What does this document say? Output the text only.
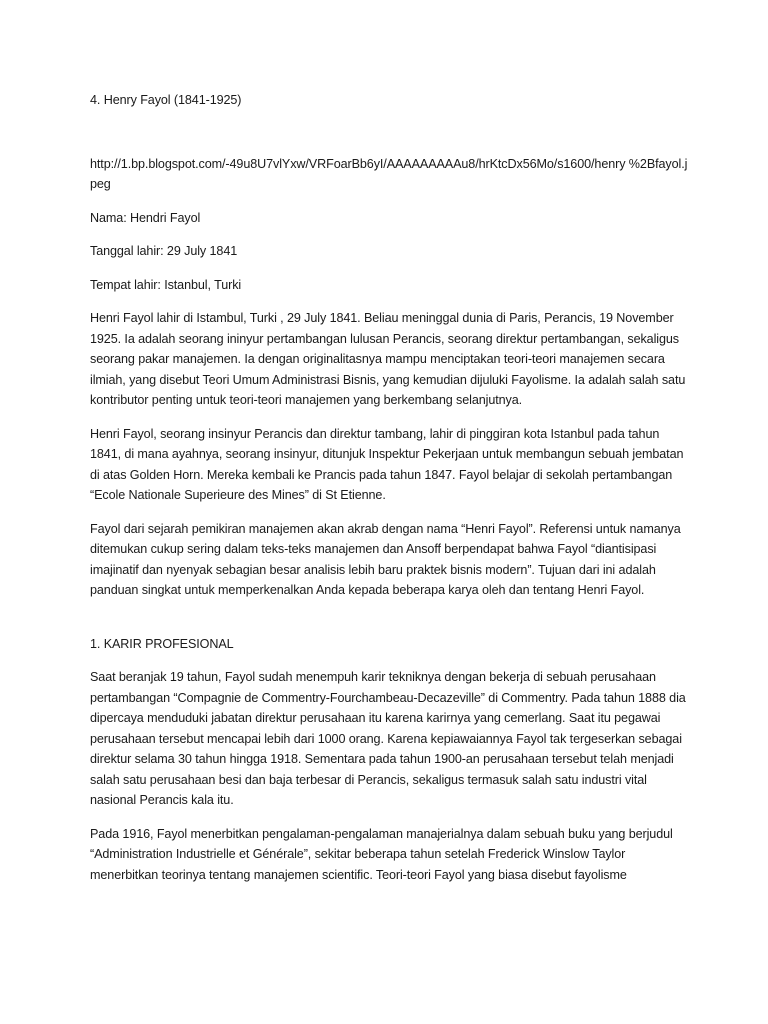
4. Henry Fayol (1841-1925)

http://1.bp.blogspot.com/-49u8U7vlYxw/VRFoarBb6yI/AAAAAAAAAu8/hrKtcDx56Mo/s1600/henry %2Bfayol.jpeg

Nama: Hendri Fayol

Tanggal lahir: 29 July 1841

Tempat lahir: Istanbul, Turki

Henri Fayol lahir di Istambul, Turki , 29 July 1841. Beliau meninggal dunia di Paris, Perancis, 19 November 1925. Ia adalah seorang ininyur pertambangan lulusan Perancis, seorang direktur pertambangan, sekaligus seorang pakar manajemen. Ia dengan originalitasnya mampu menciptakan teori-teori manajemen secara ilmiah, yang disebut Teori Umum Administrasi Bisnis, yang kemudian dijuluki Fayolisme. Ia adalah salah satu kontributor penting untuk teori-teori manajemen yang berkembang selanjutnya.

Henri Fayol, seorang insinyur Perancis dan direktur tambang, lahir di pinggiran kota Istanbul pada tahun 1841, di mana ayahnya, seorang insinyur, ditunjuk Inspektur Pekerjaan untuk membangun sebuah jembatan di atas Golden Horn. Mereka kembali ke Prancis pada tahun 1847. Fayol belajar di sekolah pertambangan “Ecole Nationale Superieure des Mines” di St Etienne.

Fayol dari sejarah pemikiran manajemen akan akrab dengan nama “Henri Fayol”. Referensi untuk namanya ditemukan cukup sering dalam teks-teks manajemen dan Ansoff berpendapat bahwa Fayol “diantisipasi imajinatif dan nyenyak sebagian besar analisis lebih baru praktek bisnis modern”. Tujuan dari ini adalah panduan singkat untuk memperkenalkan Anda kepada beberapa karya oleh dan tentang Henri Fayol.

1. KARIR PROFESIONAL

Saat beranjak 19 tahun, Fayol sudah menempuh karir tekniknya dengan bekerja di sebuah perusahaan pertambangan “Compagnie de Commentry-Fourchambeau-Decazeville” di Commentry. Pada tahun 1888 dia dipercaya menduduki jabatan direktur perusahaan itu karena karirnya yang cemerlang. Saat itu pegawai perusahaan tersebut mencapai lebih dari 1000 orang. Karena kepiawaiannya Fayol tak tergeserkan sebagai direktur selama 30 tahun hingga 1918. Sementara pada tahun 1900-an perusahaan tersebut telah menjadi salah satu perusahaan besi dan baja terbesar di Perancis, sekaligus termasuk salah satu industri vital nasional Perancis kala itu.

Pada 1916, Fayol menerbitkan pengalaman-pengalaman manajerialnya dalam sebuah buku yang berjudul “Administration Industrielle et Générale”, sekitar beberapa tahun setelah Frederick Winslow Taylor menerbitkan teorinya tentang manajemen scientific. Teori-teori Fayol yang biasa disebut fayolisme
